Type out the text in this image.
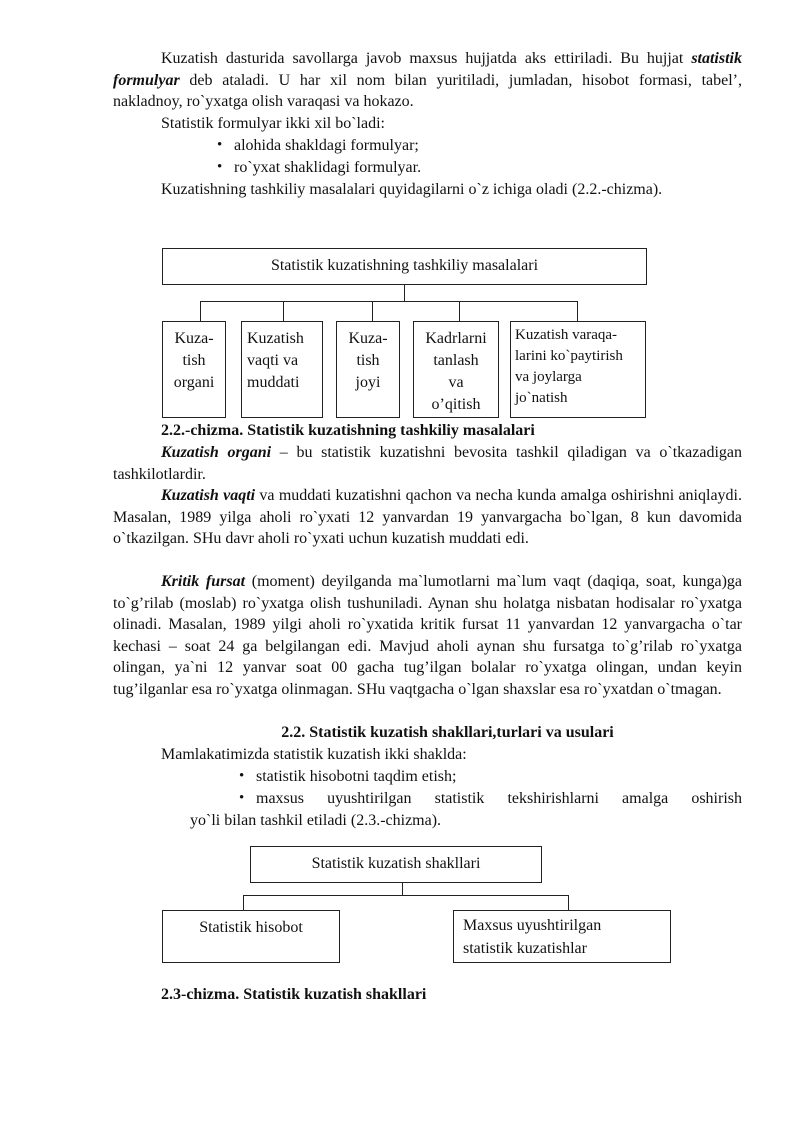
Kuzatish dasturida savollarga javob maxsus hujjatda aks ettiriladi. Bu hujjat statistik formulyar deb ataladi. U har xil nom bilan yuritiladi, jumladan, hisobot formasi, tabel’, nakladnoy, ro`yxatga olish varaqasi va hokazo.

Statistik formulyar ikki xil bo`ladi:

• alohida shakldagi formulyar;
• ro`yxat shaklidagi formulyar.

Kuzatishning tashkiliy masalalari quyidagilarni o`z ichiga oladi (2.2.-chizma).

Statistik kuzatishning tashkiliy masalalari
Kuza-
tish
organi
Kuzatish
vaqti va
muddati
Kuza-
tish
joyi
Kadrlarni
tanlash
va
o’qitish
Kuzatish varaqa-
larini ko`paytirish
va joylarga
jo`natish

2.2.-chizma. Statistik kuzatishning tashkiliy masalalari

Kuzatish organi – bu statistik kuzatishni bevosita tashkil qiladigan va o`tkazadigan tashkilotlardir.

Kuzatish vaqti va muddati kuzatishni qachon va necha kunda amalga oshirishni aniqlaydi. Masalan, 1989 yilga aholi ro`yxati 12 yanvardan 19 yanvargacha bo`lgan, 8 kun davomida o`tkazilgan. SHu davr aholi ro`yxati uchun kuzatish muddati edi.

Kritik fursat (moment) deyilganda ma`lumotlarni ma`lum vaqt (daqiqa, soat, kunga)ga to`g’rilab (moslab) ro`yxatga olish tushuniladi. Aynan shu holatga nisbatan hodisalar ro`yxatga olinadi. Masalan, 1989 yilgi aholi ro`yxatida kritik fursat 11 yanvardan 12 yanvargacha o`tar kechasi – soat 24 ga belgilangan edi. Mavjud aholi aynan shu fursatga to`g’rilab ro`yxatga olingan, ya`ni 12 yanvar soat 00 gacha tug’ilgan bolalar ro`yxatga olingan, undan keyin tug’ilganlar esa ro`yxatga olinmagan. SHu vaqtgacha o`lgan shaxslar esa ro`yxatdan o`tmagan.

2.2. Statistik kuzatish shakllari,turlari va usulari

Mamlakatimizda statistik kuzatish ikki shaklda:

• statistik hisobotni taqdim etish;
• maxsus uyushtirilgan statistik tekshirishlarni amalga oshirish

yo`li bilan tashkil etiladi (2.3.-chizma).

Statistik kuzatish shakllari
Statistik hisobot	Maxsus uyushtirilgan
statistik kuzatishlar

2.3-chizma. Statistik kuzatish shakllari
